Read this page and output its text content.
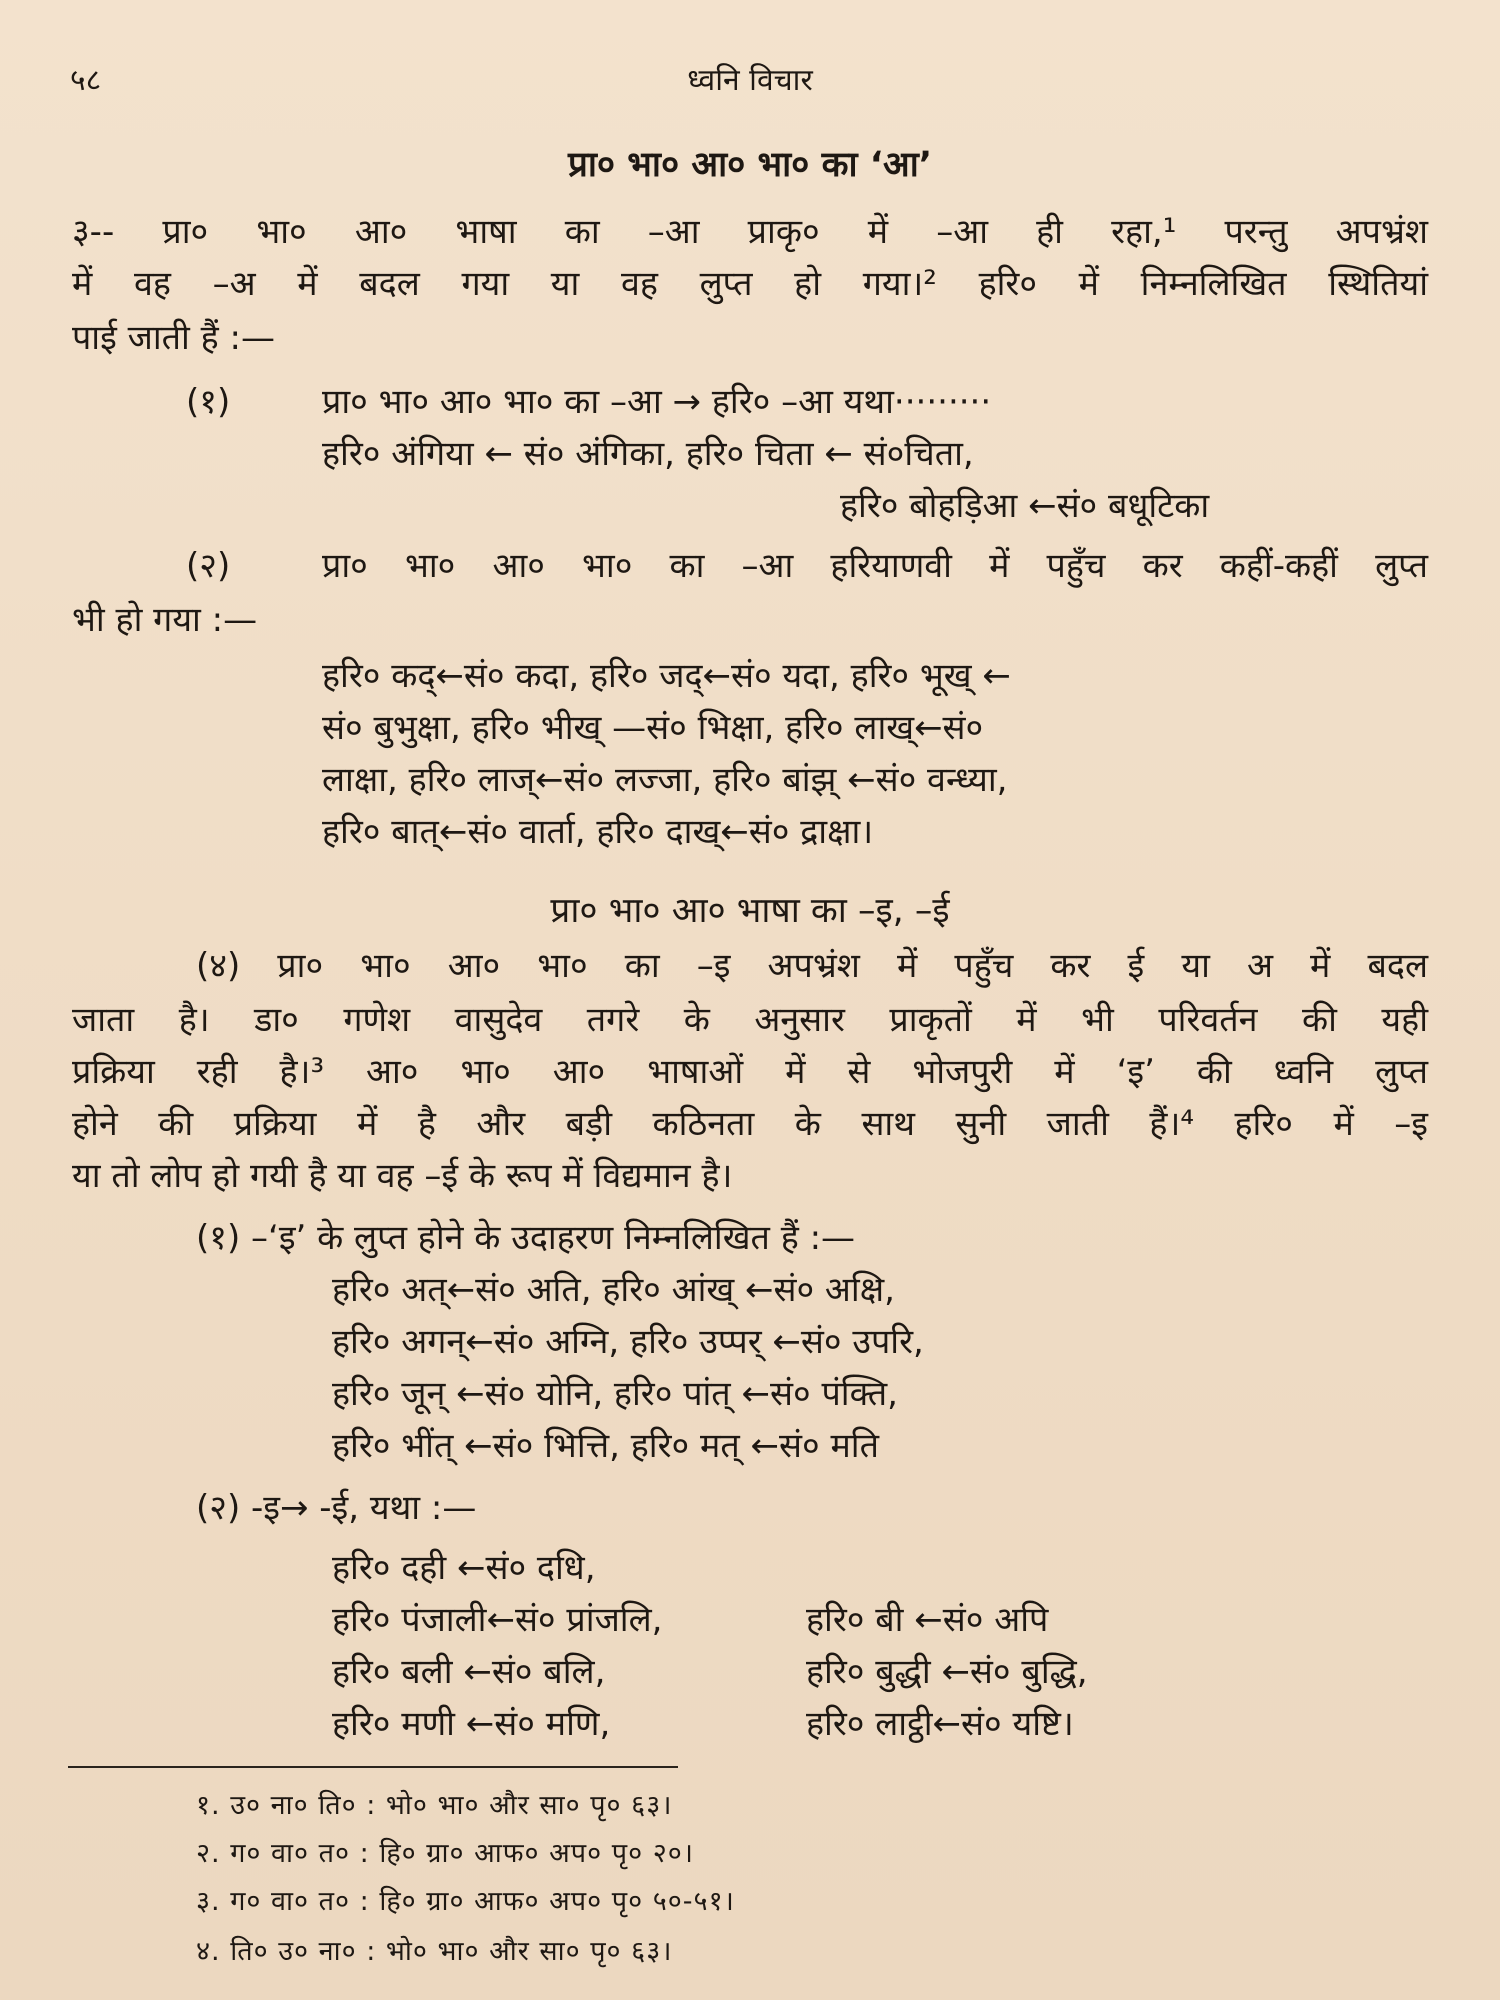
५८	ध्वनि विचार
प्रा० भा० आ० भा० का ‘आ’
३-- प्रा० भा० आ० भाषा का –आ प्राकृ० में –आ ही रहा,¹ परन्तु अपभ्रंश
में वह –अ में बदल गया या वह लुप्त हो गया।² हरि० में निम्नलिखित स्थितियां
पाई जाती हैं :—
(१)	प्रा० भा० आ० भा० का –आ → हरि० –आ यथा·········
हरि० अंगिया ← सं० अंगिका, हरि० चिता ← सं०चिता,
हरि० बोहड़िआ ←सं० बधूटिका
(२)	प्रा० भा० आ० भा० का –आ हरियाणवी में पहुँच कर कहीं-कहीं लुप्त
भी हो गया :—
हरि० कद्←सं० कदा, हरि० जद्←सं० यदा, हरि० भूख् ←
सं० बुभुक्षा, हरि० भीख् —सं० भिक्षा, हरि० लाख्←सं०
लाक्षा, हरि० लाज्←सं० लज्जा, हरि० बांझ् ←सं० वन्ध्या,
हरि० बात्←सं० वार्ता, हरि० दाख्←सं० द्राक्षा।
प्रा० भा० आ० भाषा का –इ, –ई
(४) प्रा० भा० आ० भा० का –इ अपभ्रंश में पहुँच कर ई या अ में बदल
जाता है। डा० गणेश वासुदेव तगरे के अनुसार प्राकृतों में भी परिवर्तन की यही
प्रक्रिया रही है।³ आ० भा० आ० भाषाओं में से भोजपुरी में ‘इ’ की ध्वनि लुप्त
होने की प्रक्रिया में है और बड़ी कठिनता के साथ सुनी जाती हैं।⁴ हरि० में –इ
या तो लोप हो गयी है या वह –ई के रूप में विद्यमान है।
(१) –‘इ’ के लुप्त होने के उदाहरण निम्नलिखित हैं :—
हरि० अत्←सं० अति, हरि० आंख् ←सं० अक्षि,
हरि० अगन्←सं० अग्नि, हरि० उप्पर् ←सं० उपरि,
हरि० जून् ←सं० योनि, हरि० पांत् ←सं० पंक्ति,
हरि० भींत् ←सं० भित्ति, हरि० मत् ←सं० मति
(२) -इ→ -ई, यथा :—
हरि० दही ←सं० दधि,
हरि० पंजाली←सं० प्रांजलि,	हरि० बी ←सं० अपि
हरि० बली ←सं० बलि,	हरि० बुद्धी ←सं० बुद्धि,
हरि० मणी ←सं० मणि,	हरि० लाट्ठी←सं० यष्टि।
१. उ० ना० ति० : भो० भा० और सा० पृ० ६३।
२. ग० वा० त० : हि० ग्रा० आफ० अप० पृ० २०।
३. ग० वा० त० : हि० ग्रा० आफ० अप० पृ० ५०-५१।
४. ति० उ० ना० : भो० भा० और सा० पृ० ६३।
